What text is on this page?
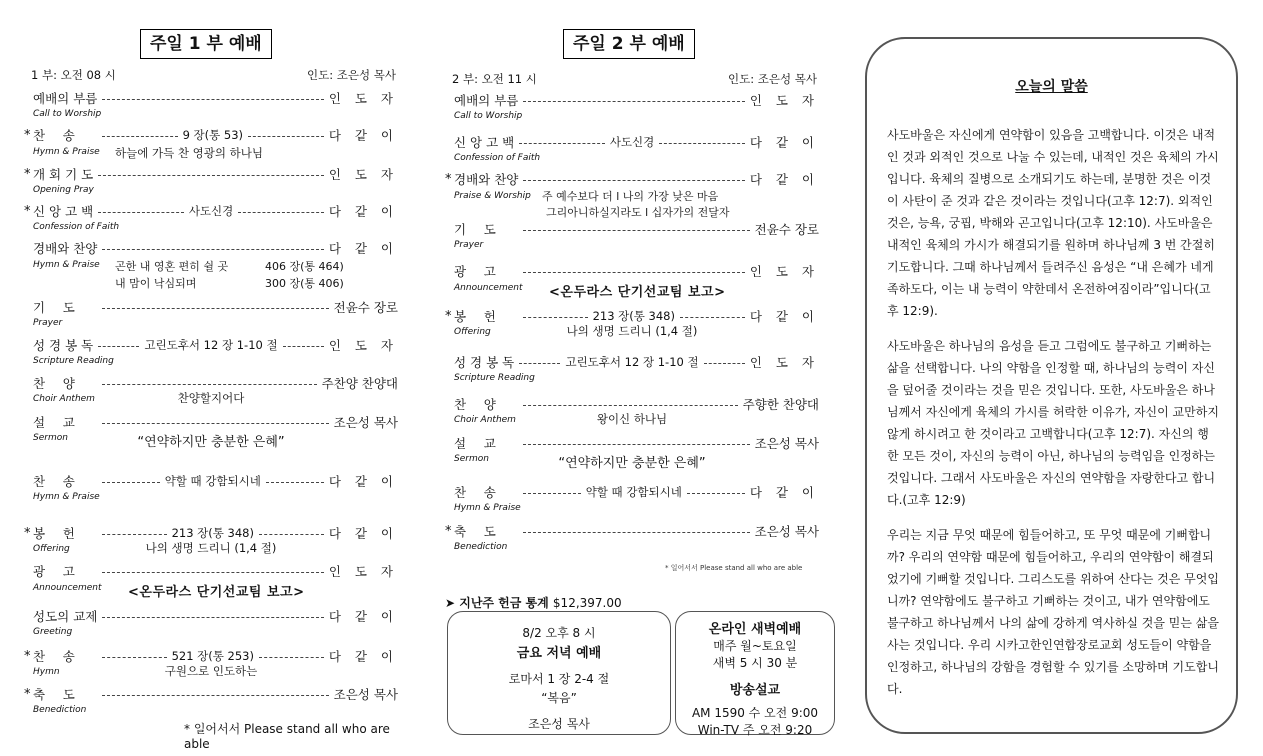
주일 1 부 예배
1 부: 오전 08 시	인도: 조은성 목사
예배의 부름	인 도 자
Call to Worship
* 찬 송	9 장(통 53)	다 같 이
Hymn & Praise	하늘에 가득 찬 영광의 하나님
* 개 회 기 도	인 도 자
Opening Pray
* 신 앙 고 백	사도신경	다 같 이
Confession of Faith
경배와 찬양	다 같 이
Hymn & Praise	곤한 내 영혼 편히 쉴 곳	406 장(통 464)
내 맘이 낙심되며	300 장(통 406)
기 도	전윤수 장로
Prayer
성 경 봉 독	고린도후서 12 장 1-10 절	인 도 자
Scripture Reading
찬 양	주찬양 찬양대
Choir Anthem	찬양할지어다
설 교	조은성 목사
Sermon	“연약하지만 충분한 은혜”
찬 송	약할 때 강함되시네	다 같 이
Hymn & Praise
* 봉 헌	213 장(통 348)	다 같 이
Offering	나의 생명 드리니 (1,4 절)
광 고	인 도 자
Announcement	<온두라스 단기선교팀 보고>
성도의 교제	다 같 이
Greeting
* 찬 송	521 장(통 253)	다 같 이
Hymn	구원으로 인도하는
* 축 도	조은성 목사
Benediction
* 일어서서 Please stand all who are able
주일 2 부 예배
2 부: 오전 11 시	인도: 조은성 목사
예배의 부름	인 도 자
Call to Worship
신 앙 고 백	사도신경	다 같 이
Confession of Faith
* 경배와 찬양	다 같 이
Praise & Worship	주 예수보다 더 l 나의 가장 낮은 마음
그리아니하실지라도 l 십자가의 전달자
기 도	전윤수 장로
Prayer
광 고	인 도 자
Announcement	<온두라스 단기선교팀 보고>
* 봉 헌	213 장(통 348)	다 같 이
Offering	나의 생명 드리니 (1,4 절)
성 경 봉 독	고린도후서 12 장 1-10 절	인 도 자
Scripture Reading
찬 양	주향한 찬양대
Choir Anthem	왕이신 하나님
설 교	조은성 목사
Sermon	“연약하지만 충분한 은혜”
찬 송	약할 때 강함되시네	다 같 이
Hymn & Praise
* 축 도	조은성 목사
Benediction
* 일어서서 Please stand all who are able
➤ 지난주 헌금 통계 $12,397.00
8/2 오후 8 시
금요 저녁 예배
로마서 1 장 2-4 절
“복음”
조은성 목사
온라인 새벽예배
매주 월~토요일
새벽 5 시 30 분
방송설교
AM 1590 수 오전 9:00
Win-TV 주 오전 9:20
오늘의 말씀

사도바울은 자신에게 연약함이 있음을 고백합니다. 이것은 내적인 것과 외적인 것으로 나눌 수 있는데, 내적인 것은 육체의 가시입니다. 육체의 질병으로 소개되기도 하는데, 분명한 것은 이것이 사탄이 준 것과 같은 것이라는 것입니다(고후 12:7). 외적인 것은, 능욕, 궁핍, 박해와 곤고입니다(고후 12:10). 사도바울은 내적인 육체의 가시가 해결되기를 원하며 하나님께 3 번 간절히 기도합니다. 그때 하나님께서 들려주신 음성은 “내 은혜가 네게 족하도다, 이는 내 능력이 약한데서 온전하여짐이라”입니다(고후 12:9).

사도바울은 하나님의 음성을 듣고 그럼에도 불구하고 기뻐하는 삶을 선택합니다. 나의 약함을 인정할 때, 하나님의 능력이 자신을 덮어줄 것이라는 것을 믿은 것입니다. 또한, 사도바울은 하나님께서 자신에게 육체의 가시를 허락한 이유가, 자신이 교만하지 않게 하시려고 한 것이라고 고백합니다(고후 12:7). 자신의 행한 모든 것이, 자신의 능력이 아닌, 하나님의 능력임을 인정하는 것입니다. 그래서 사도바울은 자신의 연약함을 자랑한다고 합니다.(고후 12:9)

우리는 지금 무엇 때문에 힘들어하고, 또 무엇 때문에 기뻐합니까? 우리의 연약함 때문에 힘들어하고, 우리의 연약함이 해결되었기에 기뻐할 것입니다. 그리스도를 위하여 산다는 것은 무엇입니까? 연약함에도 불구하고 기뻐하는 것이고, 내가 연약함에도 불구하고 하나님께서 나의 삶에 강하게 역사하실 것을 믿는 삶을 사는 것입니다. 우리 시카고한인연합장로교회 성도들이 약함을 인정하고, 하나님의 강함을 경험할 수 있기를 소망하며 기도합니다.
